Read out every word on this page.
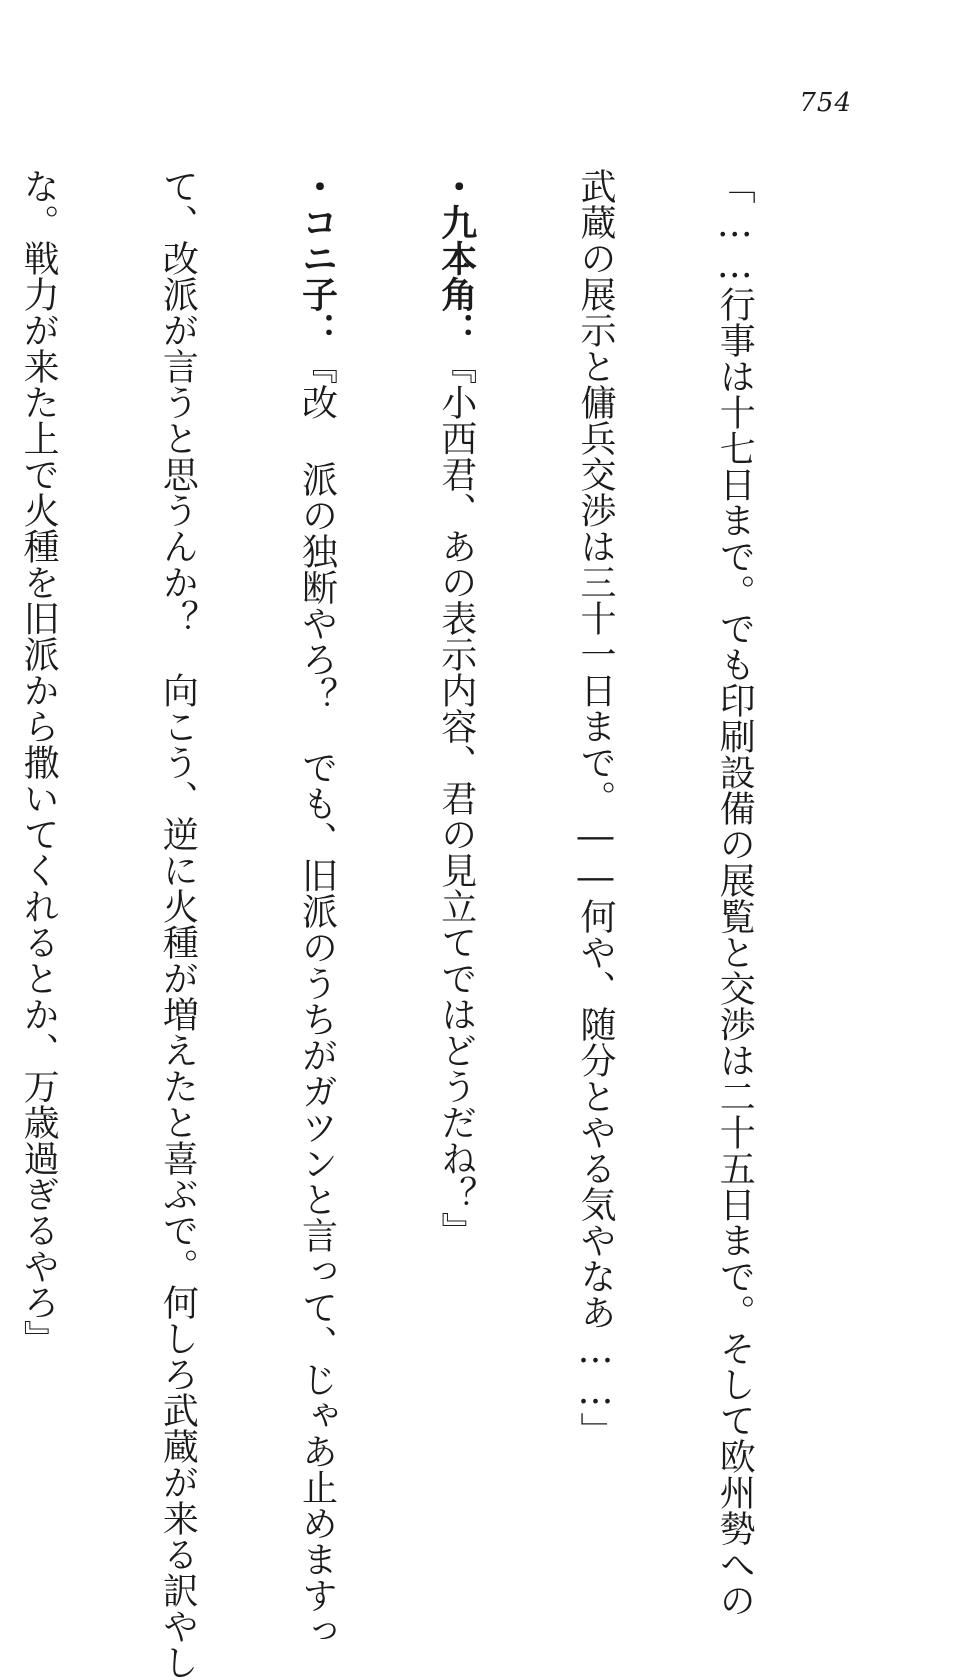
754

「……行事は十七日まで。でも印刷設備の展覧と交渉は二十五日まで。そして欧州勢への

武蔵の展示と傭兵交渉は三十一日まで。――何や、随分とやる気やなあ……」

・九本角：『小西君、あの表示内容、君の見立てではどうだね？』

・コニ子：『改 派の独断やろ？　でも、旧派のうちがガツンと言って、じゃあ止めますっ

て、改派が言うと思うんか？　向こう、逆に火種が増えたと喜ぶで。何しろ武蔵が来る訳やし

な。戦力が来た上で火種を旧派から撒いてくれるとか、万歳過ぎるやろ』
